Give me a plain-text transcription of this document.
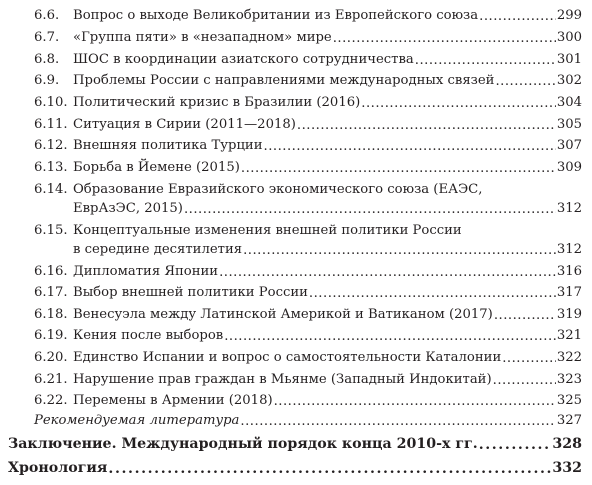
6.6.	Вопрос о выходе Великобритании из Европейского союза .....	299
6.7.	«Группа пяти» в «незападном» мире .....	300
6.8.	ШОС в координации азиатского сотрудничества .....	301
6.9.	Проблемы России с направлениями международных связей .....	302
6.10. Политический кризис в Бразилии (2016) .....	304
6.11. Ситуация в Сирии (2011—2018) .....	305
6.12. Внешняя политика Турции .....	307
6.13. Борьба в Йемене (2015) .....	309
6.14. Образование Евразийского экономического союза (ЕАЭС,
ЕврАзЭС, 2015) .....	312
6.15. Концептуальные изменения внешней политики России
в середине десятилетия .....	312
6.16. Дипломатия Японии .....	316
6.17. Выбор внешней политики России .....	317
6.18. Венесуэла между Латинской Америкой и Ватиканом (2017) .....	319
6.19. Кения после выборов .....	321
6.20. Единство Испании и вопрос о самостоятельности Каталонии .....	322
6.21. Нарушение прав граждан в Мьянме (Западный Индокитай) .....	323
6.22. Перемены в Армении (2018) .....	325
Рекомендуемая литература .....	327
Заключение. Международный порядок конца 2010-х гг. .....	328
Хронология .....	332
